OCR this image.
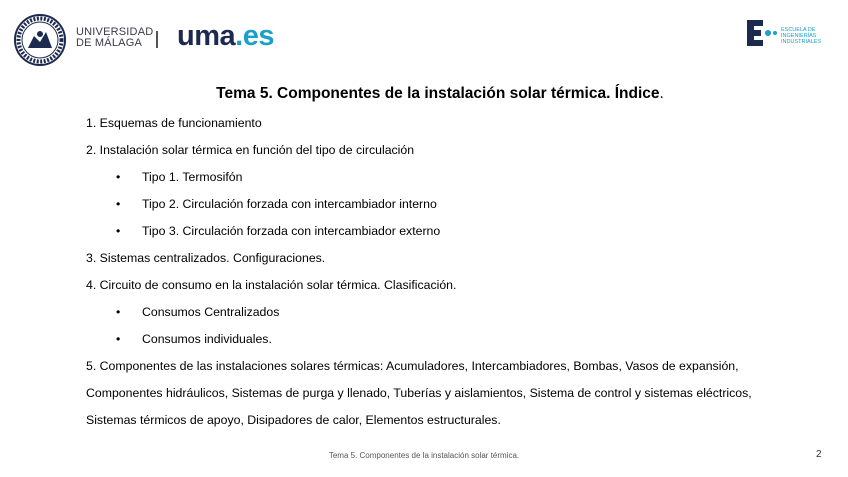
UNIVERSIDAD
DE MÁLAGA	uma.es	ESCUELA DE
INGENIERÍAS
INDUSTRIALES
Tema 5. Componentes de la instalación solar térmica. Índice.
1. Esquemas de funcionamiento
2. Instalación solar térmica en función del tipo de circulación
• Tipo 1. Termosifón
• Tipo 2. Circulación forzada con intercambiador interno
• Tipo 3. Circulación forzada con intercambiador externo
3. Sistemas centralizados. Configuraciones.
4. Circuito de consumo en la instalación solar térmica. Clasificación.
• Consumos Centralizados
• Consumos individuales.
5. Componentes de las instalaciones solares térmicas: Acumuladores, Intercambiadores, Bombas, Vasos de expansión,
Componentes hidráulicos, Sistemas de purga y llenado, Tuberías y aislamientos, Sistema de control y sistemas eléctricos,
Sistemas térmicos de apoyo, Disipadores de calor, Elementos estructurales.
Tema 5. Componentes de la instalación solar térmica.	2
